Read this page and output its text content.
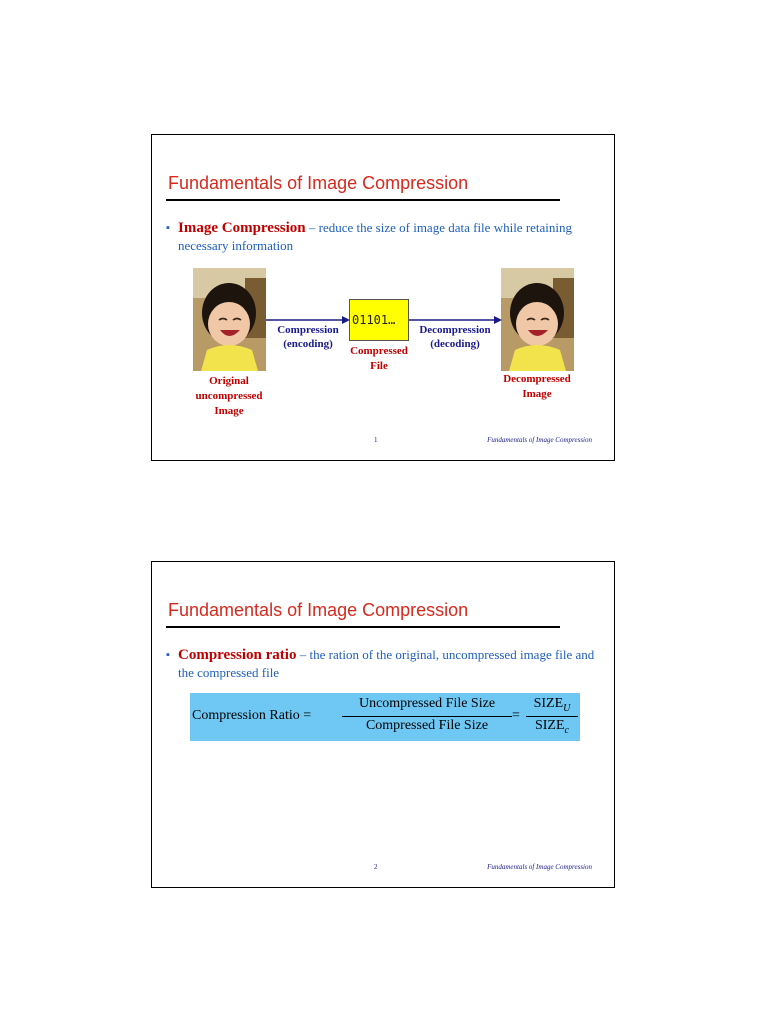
Fundamentals of Image Compression
▪ Image Compression – reduce the size of image data file while retaining necessary information
01101…
Compression
(encoding)
Decompression
(decoding)
Compressed
File
Original
uncompressed
Image
Decompressed
Image
1	Fundamentals of Image Compression
Fundamentals of Image Compression
▪ Compression ratio – the ration of the original, uncompressed image file and the compressed file
Compression Ratio =
Uncompressed File Size
Compressed File Size
=
$SIZE_U$
$SIZE_c$
2	Fundamentals of Image Compression
